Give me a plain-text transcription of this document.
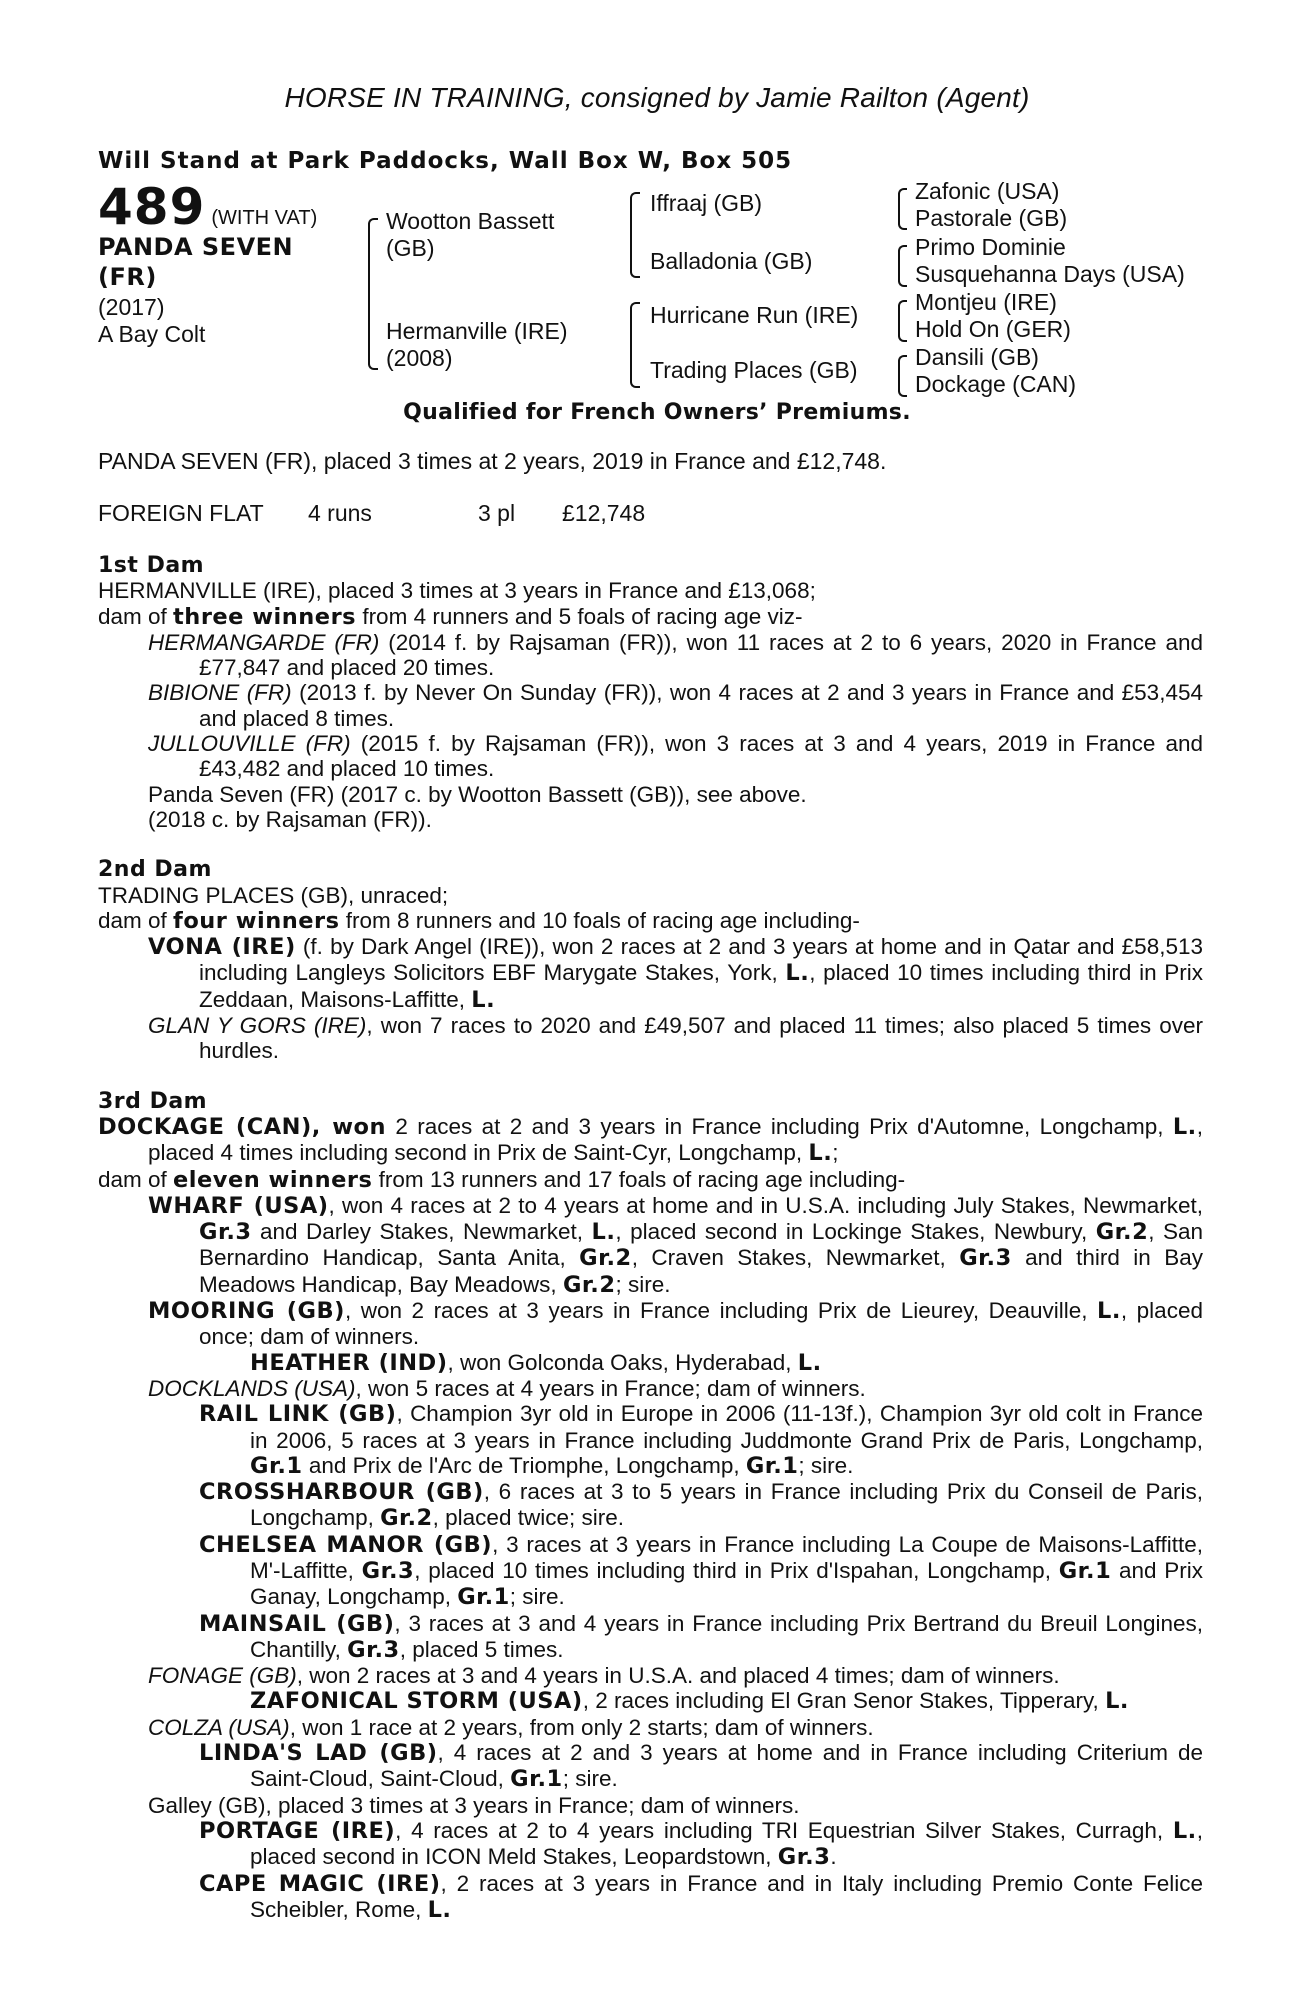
HORSE IN TRAINING, consigned by Jamie Railton (Agent)
Will Stand at Park Paddocks, Wall Box W, Box 505
489 (WITH VAT)
PANDA SEVEN (FR)
(2017)
A Bay Colt
Wootton Bassett (GB)
Hermanville (IRE) (2008)
Iffraaj (GB)
Balladonia (GB)
Hurricane Run (IRE)
Trading Places (GB)
Zafonic (USA)
Pastorale (GB)
Primo Dominie
Susquehanna Days (USA)
Montjeu (IRE)
Hold On (GER)
Dansili (GB)
Dockage (CAN)
Qualified for French Owners’ Premiums.
PANDA SEVEN (FR), placed 3 times at 2 years, 2019 in France and £12,748.
FOREIGN FLAT 4 runs	3 pl £12,748

1st Dam

HERMANVILLE (IRE), placed 3 times at 3 years in France and £13,068;

dam of three winners from 4 runners and 5 foals of racing age viz-

HERMANGARDE (FR) (2014 f. by Rajsaman (FR)), won 11 races at 2 to 6 years, 2020 in France and £77,847 and placed 20 times.

BIBIONE (FR) (2013 f. by Never On Sunday (FR)), won 4 races at 2 and 3 years in France and £53,454 and placed 8 times.

JULLOUVILLE (FR) (2015 f. by Rajsaman (FR)), won 3 races at 3 and 4 years, 2019 in France and £43,482 and placed 10 times.

Panda Seven (FR) (2017 c. by Wootton Bassett (GB)), see above.

(2018 c. by Rajsaman (FR)).

2nd Dam

TRADING PLACES (GB), unraced;

dam of four winners from 8 runners and 10 foals of racing age including-

VONA (IRE) (f. by Dark Angel (IRE)), won 2 races at 2 and 3 years at home and in Qatar and £58,513 including Langleys Solicitors EBF Marygate Stakes, York, L., placed 10 times including third in Prix Zeddaan, Maisons-Laffitte, L.

GLAN Y GORS (IRE), won 7 races to 2020 and £49,507 and placed 11 times; also placed 5 times over hurdles.

3rd Dam

DOCKAGE (CAN), won 2 races at 2 and 3 years in France including Prix d'Automne, Longchamp, L., placed 4 times including second in Prix de Saint-Cyr, Longchamp, L.;

dam of eleven winners from 13 runners and 17 foals of racing age including-

WHARF (USA), won 4 races at 2 to 4 years at home and in U.S.A. including July Stakes, Newmarket, Gr.3 and Darley Stakes, Newmarket, L., placed second in Lockinge Stakes, Newbury, Gr.2, San Bernardino Handicap, Santa Anita, Gr.2, Craven Stakes, Newmarket, Gr.3 and third in Bay Meadows Handicap, Bay Meadows, Gr.2; sire.

MOORING (GB), won 2 races at 3 years in France including Prix de Lieurey, Deauville, L., placed once; dam of winners.

HEATHER (IND), won Golconda Oaks, Hyderabad, L.

DOCKLANDS (USA), won 5 races at 4 years in France; dam of winners.

RAIL LINK (GB), Champion 3yr old in Europe in 2006 (11-13f.), Champion 3yr old colt in France in 2006, 5 races at 3 years in France including Juddmonte Grand Prix de Paris, Longchamp, Gr.1 and Prix de l'Arc de Triomphe, Longchamp, Gr.1; sire.

CROSSHARBOUR (GB), 6 races at 3 to 5 years in France including Prix du Conseil de Paris, Longchamp, Gr.2, placed twice; sire.

CHELSEA MANOR (GB), 3 races at 3 years in France including La Coupe de Maisons-Laffitte, M'-Laffitte, Gr.3, placed 10 times including third in Prix d'Ispahan, Longchamp, Gr.1 and Prix Ganay, Longchamp, Gr.1; sire.

MAINSAIL (GB), 3 races at 3 and 4 years in France including Prix Bertrand du Breuil Longines, Chantilly, Gr.3, placed 5 times.

FONAGE (GB), won 2 races at 3 and 4 years in U.S.A. and placed 4 times; dam of winners.

ZAFONICAL STORM (USA), 2 races including El Gran Senor Stakes, Tipperary, L.

COLZA (USA), won 1 race at 2 years, from only 2 starts; dam of winners.

LINDA'S LAD (GB), 4 races at 2 and 3 years at home and in France including Criterium de Saint-Cloud, Saint-Cloud, Gr.1; sire.

Galley (GB), placed 3 times at 3 years in France; dam of winners.

PORTAGE (IRE), 4 races at 2 to 4 years including TRI Equestrian Silver Stakes, Curragh, L., placed second in ICON Meld Stakes, Leopardstown, Gr.3.

CAPE MAGIC (IRE), 2 races at 3 years in France and in Italy including Premio Conte Felice Scheibler, Rome, L.
